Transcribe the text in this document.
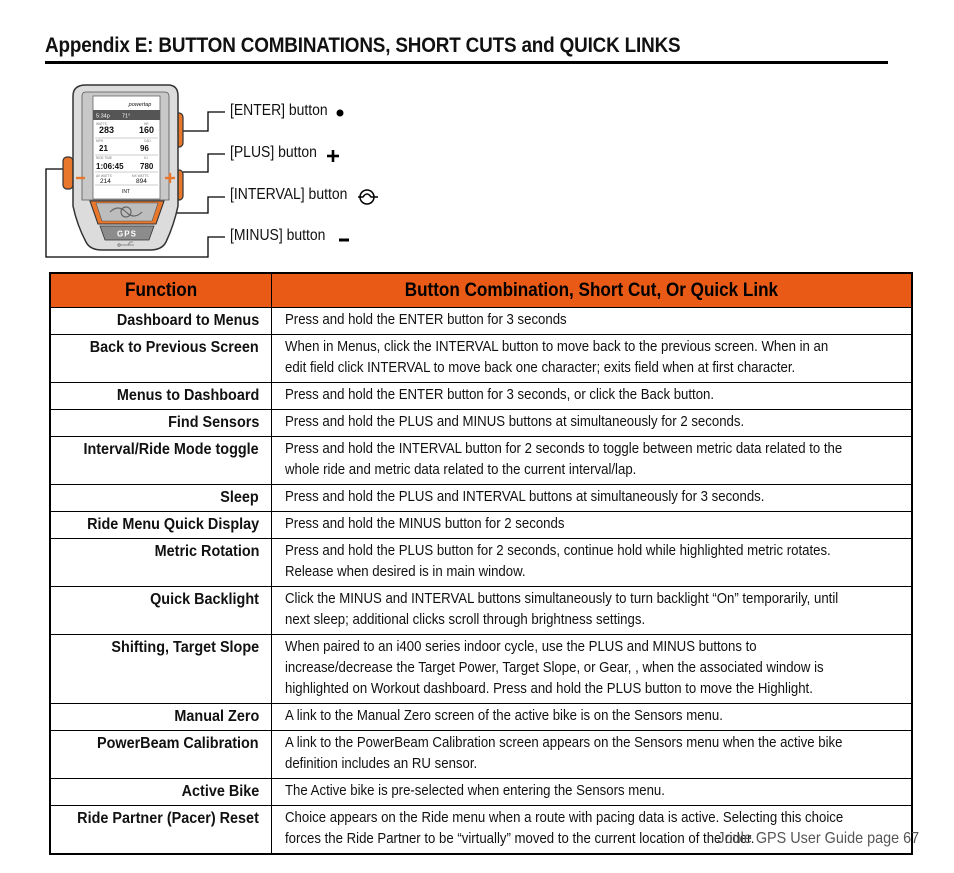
Appendix E: BUTTON COMBINATIONS, SHORT CUTS and QUICK LINKS
powertap
5:34p 71°
WATTS	HR
283	160
MPH	CAD
21	96
RIDE TIME	KJ
1:06:45 780
AV WATTS	MX WATTS
214	894
INT
GPS
[ENTER] button
[PLUS] button
[INTERVAL] button
[MINUS] button
Function	Button Combination, Short Cut, Or Quick Link
Dashboard to Menus	Press and hold the ENTER button for 3 seconds

Back to Previous Screen	When in Menus, click the INTERVAL button to move back to the previous screen. When in an edit field click INTERVAL to move back one character; exits field when at first character.

Menus to Dashboard	Press and hold the ENTER button for 3 seconds, or click the Back button.

Find Sensors	Press and hold the PLUS and MINUS buttons at simultaneously for 2 seconds.

Interval/Ride Mode toggle	Press and hold the INTERVAL button for 2 seconds to toggle between metric data related to the whole ride and metric data related to the current interval/lap.

Sleep	Press and hold the PLUS and INTERVAL buttons at simultaneously for 3 seconds.

Ride Menu Quick Display	Press and hold the MINUS button for 2 seconds

Metric Rotation	Press and hold the PLUS button for 2 seconds, continue hold while highlighted metric rotates. Release when desired is in main window.

Quick Backlight	Click the MINUS and INTERVAL buttons simultaneously to turn backlight “On” temporarily, until next sleep; additional clicks scroll through brightness settings.

Shifting, Target Slope	When paired to an i400 series indoor cycle, use the PLUS and MINUS buttons to increase/decrease the Target Power, Target Slope, or Gear, , when the associated window is highlighted on Workout dashboard. Press and hold the PLUS button to move the Highlight.

Manual Zero	A link to the Manual Zero screen of the active bike is on the Sensors menu.

PowerBeam Calibration	A link to the PowerBeam Calibration screen appears on the Sensors menu when the active bike definition includes an RU sensor.

Active Bike	The Active bike is pre-selected when entering the Sensors menu.

Ride Partner (Pacer) Reset	Choice appears on the Ride menu when a route with pacing data is active. Selecting this choice forces the Ride Partner to be “virtually” moved to the current location of the rider.
Joule GPS User Guide page 67
